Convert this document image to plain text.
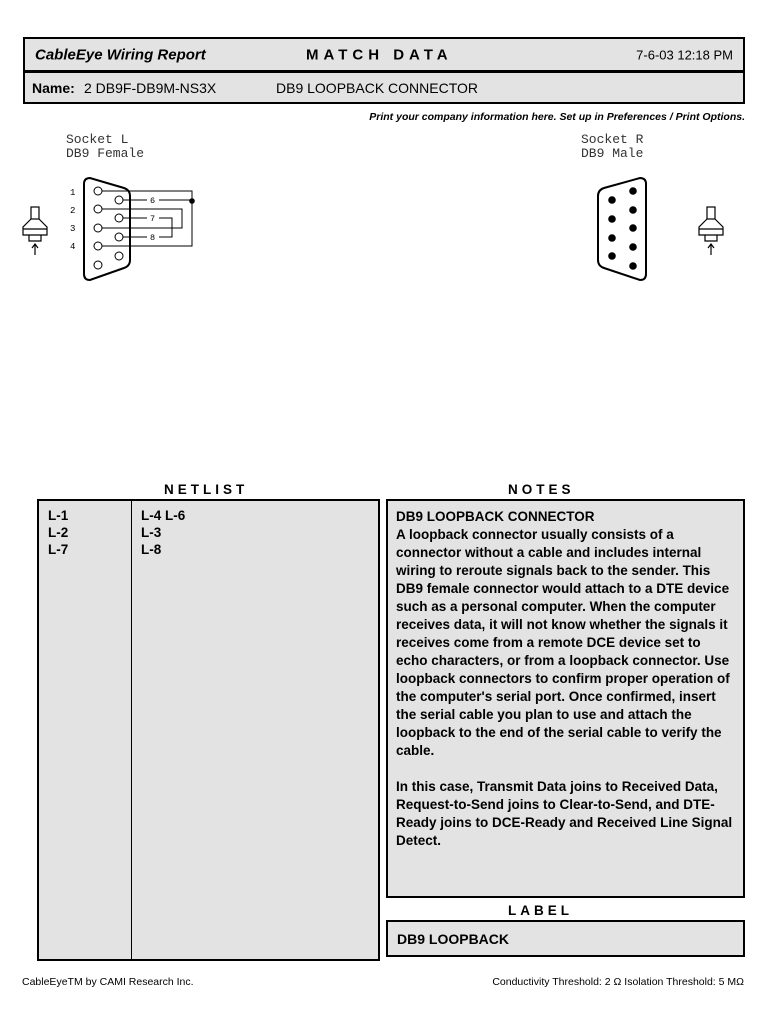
CableEye Wiring Report	MATCH DATA	7-6-03 12:18 PM
Name: 2 DB9F-DB9M-NS3X	DB9 LOOPBACK CONNECTOR
Print your company information here. Set up in Preferences / Print Options.
Socket L
DB9 Female
Socket R
DB9 Male
1
2
3
4
6
7
8
NETLIST	NOTES
L-1	L-4 L-6
L-2	L-3
L-7	L-8

DB9 LOOPBACK CONNECTOR

A loopback connector usually consists of a connector without a cable and includes internal wiring to reroute signals back to the sender. This DB9 female connector would attach to a DTE device such as a personal computer. When the computer receives data, it will not know whether the signals it receives come from a remote DCE device set to echo characters, or from a loopback connector. Use loopback connectors to confirm proper operation of the computer's serial port. Once confirmed, insert the serial cable you plan to use and attach the loopback to the end of the serial cable to verify the cable.

In this case, Transmit Data joins to Received Data, Request-to-Send joins to Clear-to-Send, and DTE-Ready joins to DCE-Ready and Received Line Signal Detect.

LABEL
DB9 LOOPBACK
CableEyeTM by CAMI Research Inc.	Conductivity Threshold: 2 Ω Isolation Threshold: 5 MΩ
